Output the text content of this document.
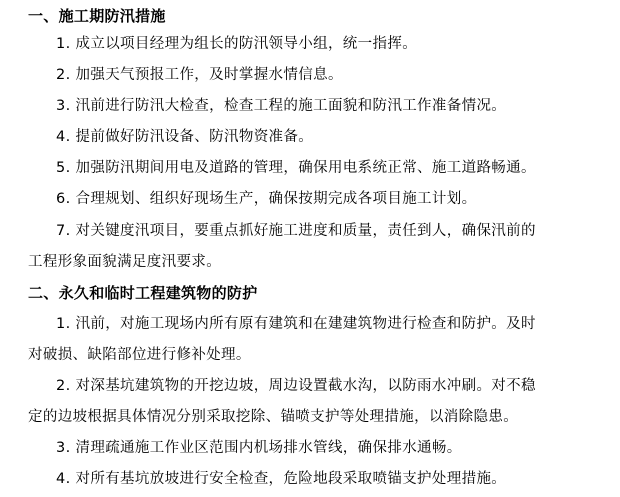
一、施工期防汛措施
1. 成立以项目经理为组长的防汛领导小组，统一指挥。
2. 加强天气预报工作，及时掌握水情信息。
3. 汛前进行防汛大检查，检查工程的施工面貌和防汛工作准备情况。
4. 提前做好防汛设备、防汛物资准备。
5. 加强防汛期间用电及道路的管理，确保用电系统正常、施工道路畅通。
6. 合理规划、组织好现场生产，确保按期完成各项目施工计划。
7. 对关键度汛项目，要重点抓好施工进度和质量，责任到人，确保汛前的
工程形象面貌满足度汛要求。
二、永久和临时工程建筑物的防护
1. 汛前，对施工现场内所有原有建筑和在建建筑物进行检查和防护。及时
对破损、缺陷部位进行修补处理。
2. 对深基坑建筑物的开挖边坡，周边设置截水沟，以防雨水冲刷。对不稳
定的边坡根据具体情况分别采取挖除、锚喷支护等处理措施，以消除隐患。
3. 清理疏通施工作业区范围内机场排水管线，确保排水通畅。
4. 对所有基坑放坡进行安全检查，危险地段采取喷锚支护处理措施。
